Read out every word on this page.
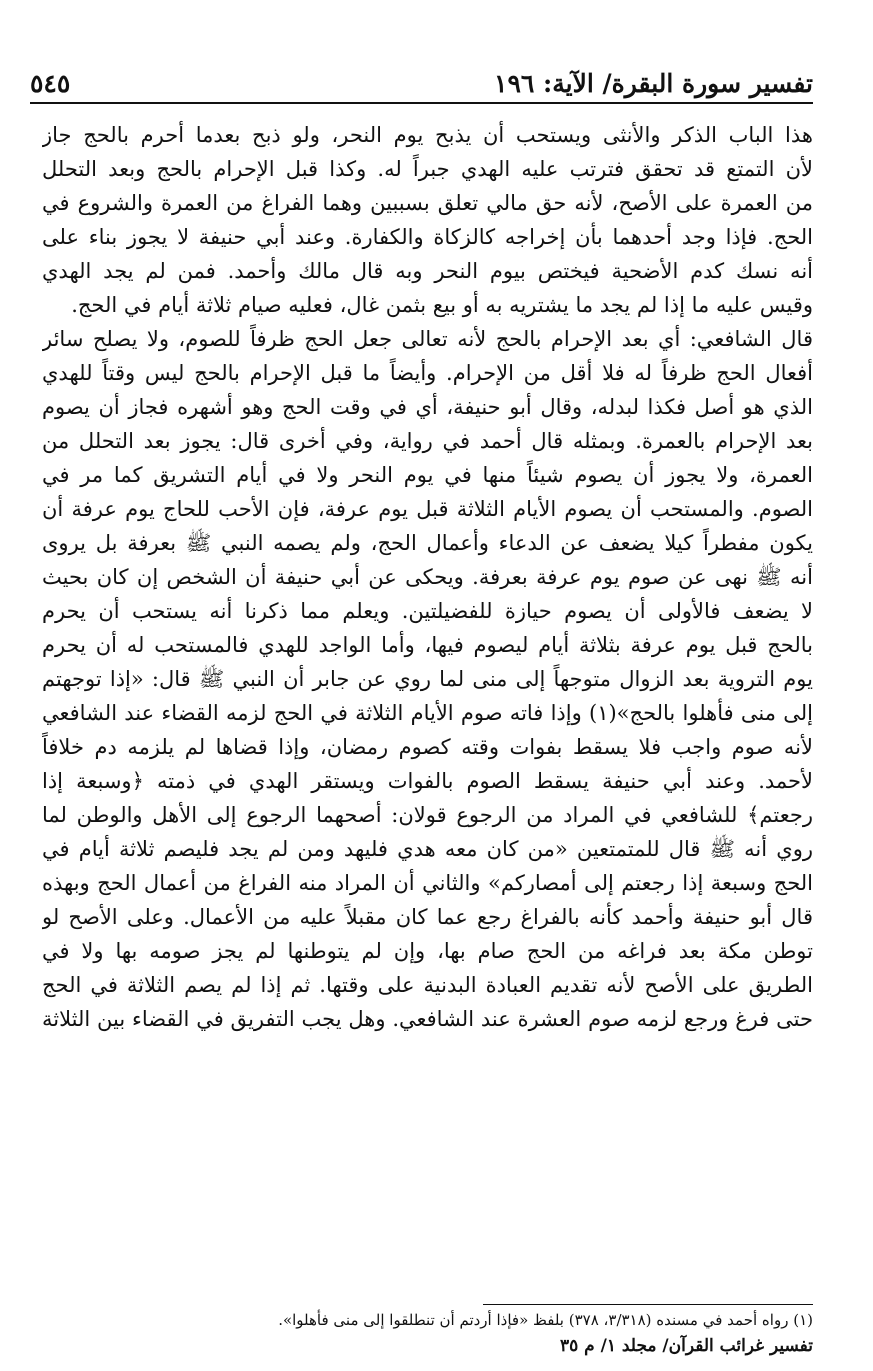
تفسير سورة البقرة/ الآية: ١٩٦
٥٤٥
هذا الباب الذكر والأنثى ويستحب أن يذبح يوم النحر، ولو ذبح بعدما أحرم بالحج جاز
لأن التمتع قد تحقق فترتب عليه الهدي جبراً له. وكذا قبل الإحرام بالحج وبعد التحلل
من العمرة على الأصح، لأنه حق مالي تعلق بسببين وهما الفراغ من العمرة والشروع في
الحج. فإذا وجد أحدهما بأن إخراجه كالزكاة والكفارة. وعند أبي حنيفة لا يجوز بناء على
أنه نسك كدم الأضحية فيختص بيوم النحر وبه قال مالك وأحمد. فمن لم يجد الهدي
وقيس عليه ما إذا لم يجد ما يشتريه به أو بيع بثمن غال، فعليه صيام ثلاثة أيام في الحج.
قال الشافعي: أي بعد الإحرام بالحج لأنه تعالى جعل الحج ظرفاً للصوم، ولا يصلح سائر
أفعال الحج ظرفاً له فلا أقل من الإحرام. وأيضاً ما قبل الإحرام بالحج ليس وقتاً للهدي
الذي هو أصل فكذا لبدله، وقال أبو حنيفة، أي في وقت الحج وهو أشهره فجاز أن يصوم
بعد الإحرام بالعمرة. وبمثله قال أحمد في رواية، وفي أخرى قال: يجوز بعد التحلل من
العمرة، ولا يجوز أن يصوم شيئاً منها في يوم النحر ولا في أيام التشريق كما مر في
الصوم. والمستحب أن يصوم الأيام الثلاثة قبل يوم عرفة، فإن الأحب للحاج يوم عرفة أن
يكون مفطراً كيلا يضعف عن الدعاء وأعمال الحج، ولم يصمه النبي ﷺ بعرفة بل يروى
أنه ﷺ نهى عن صوم يوم عرفة بعرفة. ويحكى عن أبي حنيفة أن الشخص إن كان بحيث
لا يضعف فالأولى أن يصوم حيازة للفضيلتين. ويعلم مما ذكرنا أنه يستحب أن يحرم
بالحج قبل يوم عرفة بثلاثة أيام ليصوم فيها، وأما الواجد للهدي فالمستحب له أن يحرم
يوم التروية بعد الزوال متوجهاً إلى منى لما روي عن جابر أن النبي ﷺ قال: «إذا توجهتم
إلى منى فأهلوا بالحج»(١) وإذا فاته صوم الأيام الثلاثة في الحج لزمه القضاء عند الشافعي
لأنه صوم واجب فلا يسقط بفوات وقته كصوم رمضان، وإذا قضاها لم يلزمه دم خلافاً
لأحمد. وعند أبي حنيفة يسقط الصوم بالفوات ويستقر الهدي في ذمته ﴿وسبعة إذا
رجعتم﴾ للشافعي في المراد من الرجوع قولان: أصحهما الرجوع إلى الأهل والوطن لما
روي أنه ﷺ قال للمتمتعين «من كان معه هدي فليهد ومن لم يجد فليصم ثلاثة أيام في
الحج وسبعة إذا رجعتم إلى أمصاركم» والثاني أن المراد منه الفراغ من أعمال الحج وبهذه
قال أبو حنيفة وأحمد كأنه بالفراغ رجع عما كان مقبلاً عليه من الأعمال. وعلى الأصح لو
توطن مكة بعد فراغه من الحج صام بها، وإن لم يتوطنها لم يجز صومه بها ولا في
الطريق على الأصح لأنه تقديم العبادة البدنية على وقتها. ثم إذا لم يصم الثلاثة في الحج
حتى فرغ ورجع لزمه صوم العشرة عند الشافعي. وهل يجب التفريق في القضاء بين الثلاثة
(١) رواه أحمد في مسنده (٣/٣١٨، ٣٧٨) بلفظ «فإذا أردتم أن تنطلقوا إلى منى فأهلوا».
تفسير غرائب القرآن/ مجلد ١/ م ٣٥
